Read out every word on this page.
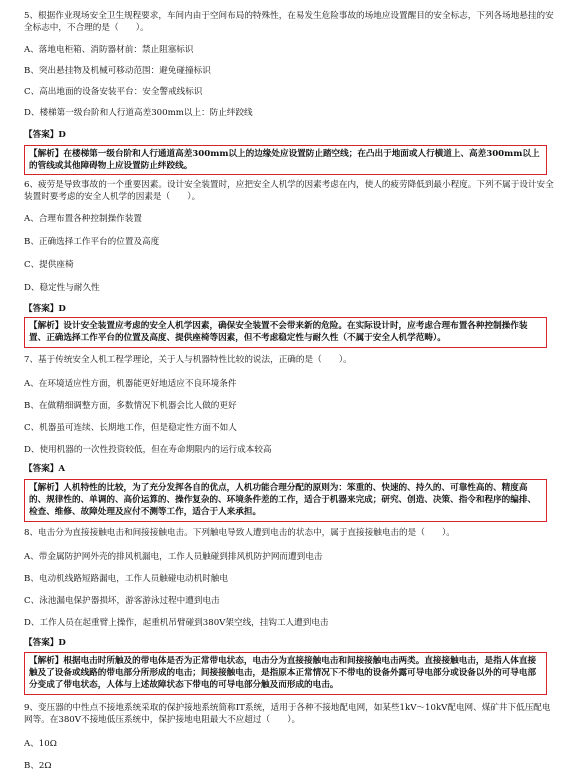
5、根据作业现场安全卫生规程要求，车间内由于空间布局的特殊性，在易发生危险事故的场地应设置醒目的安全标志，下列各场地悬挂的安全标志中，不合理的是（　　）。

A、落地电柜箱、消防器材前：禁止阻塞标识

B、突出悬挂物及机械可移动范围：避免碰撞标识

C、高出地面的设备安装平台：安全警戒线标识

D、楼梯第一级台阶和人行道高差300mm以上：防止绊跤线

【答案】D

【解析】在楼梯第一级台阶和人行通道高差300mm以上的边缘处应设置防止踏空线；在凸出于地面或人行横道上、高差300mm以上的管线或其他障碍物上应设置防止绊跤线。

6、疲劳是导致事故的一个重要因素。设计安全装置时，应把安全人机学的因素考虑在内，使人的疲劳降低到最小程度。下列不属于设计安全装置时要考虑的安全人机学的因素是（　　）。

A、合理布置各种控制操作装置

B、正确选择工作平台的位置及高度

C、提供座椅

D、稳定性与耐久性

【答案】D

【解析】设计安全装置应考虑的安全人机学因素，确保安全装置不会带来新的危险。在实际设计时，应考虑合理布置各种控制操作装置、正确选择工作平台的位置及高度、提供座椅等因素，但不考虑稳定性与耐久性（不属于安全人机学范畴）。

7、基于传统安全人机工程学理论，关于人与机器特性比较的说法，正确的是（　　）。

A、在环境适应性方面，机器能更好地适应不良环境条件

B、在做精细调整方面，多数情况下机器会比人做的更好

C、机器虽可连续、长期地工作，但是稳定性方面不如人

D、使用机器的一次性投资较低，但在寿命期限内的运行成本较高

【答案】A

【解析】人机特性的比较，为了充分发挥各自的优点，人机功能合理分配的原则为：笨重的、快速的、持久的、可靠性高的、精度高的、规律性的、单调的、高价运算的、操作复杂的、环境条件差的工作，适合于机器来完成；研究、创造、决策、指令和程序的编排、检查、维修、故障处理及应付不测等工作，适合于人来承担。

8、电击分为直接接触电击和间接接触电击。下列触电导致人遭到电击的状态中，属于直接接触电击的是（　　）。

A、带金属防护网外壳的排风机漏电，工作人员触碰到排风机防护网而遭到电击

B、电动机线路短路漏电，工作人员触碰电动机时触电

C、泳池漏电保护器损坏，游客游泳过程中遭到电击

D、工作人员在起重臂上操作，起重机吊臂碰到380V架空线，挂钩工人遭到电击

【答案】D

【解析】根据电击时所触及的带电体是否为正常带电状态，电击分为直接接触电击和间接接触电击两类。直接接触电击，是指人体直接触及了设备或线路的带电部分所形成的电击；间接接触电击，是指原本正常情况下不带电的设备外露可导电部分或设备以外的可导电部分变成了带电状态，人体与上述故障状态下带电的可导电部分触及而形成的电击。

9、变压器的中性点不接地系统采取的保护接地系统简称IT系统，适用于各种不接地配电网，如某些1kV～10kV配电网、煤矿井下低压配电网等。在380V不接地低压系统中，保护接地电阻最大不应超过（　　）。

A、10Ω

B、2Ω
